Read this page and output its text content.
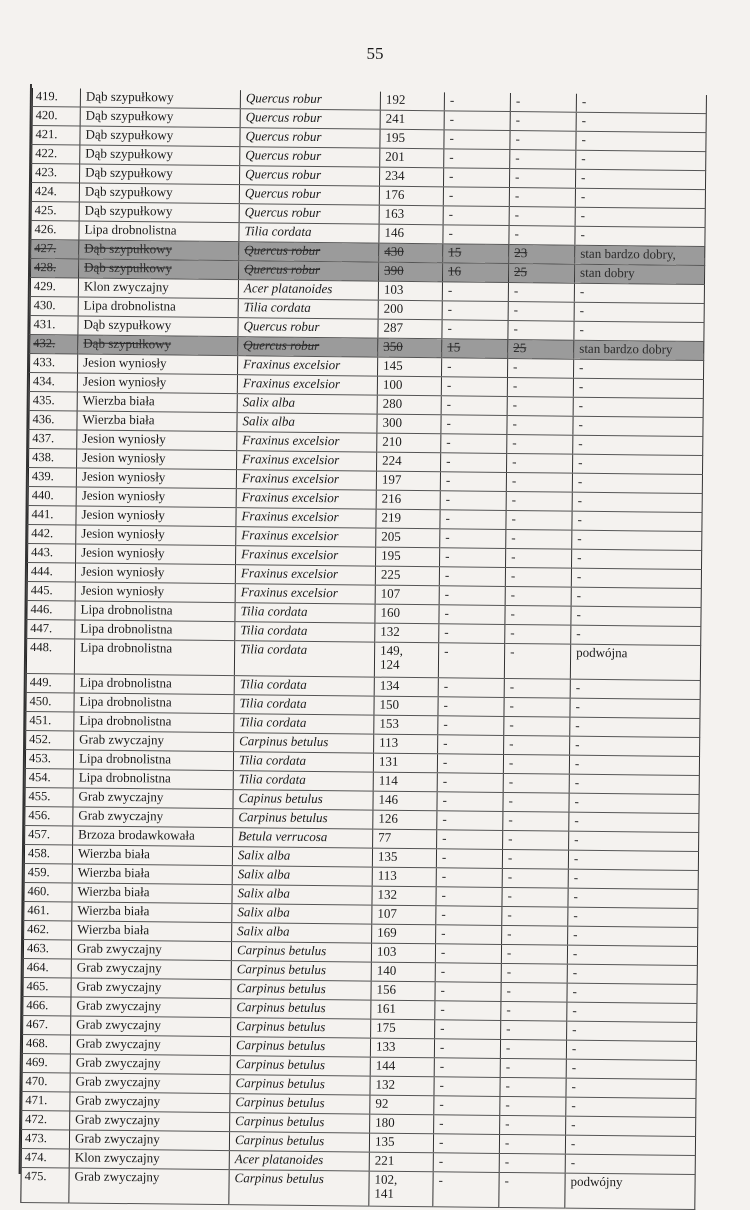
55
419.	Dąb szypułkowy	Quercus robur	192	-	-	-
420.	Dąb szypułkowy	Quercus robur	241	-	-	-
421.	Dąb szypułkowy	Quercus robur	195	-	-	-
422.	Dąb szypułkowy	Quercus robur	201	-	-	-
423.	Dąb szypułkowy	Quercus robur	234	-	-	-
424.	Dąb szypułkowy	Quercus robur	176	-	-	-
425.	Dąb szypułkowy	Quercus robur	163	-	-	-
426.	Lipa drobnolistna	Tilia cordata	146	-	-	-
427.	Dąb szypułkowy	Quercus robur	430	15	23	stan bardzo dobry,
428.	Dąb szypułkowy	Quercus robur	390	16	25	stan dobry
429.	Klon zwyczajny	Acer platanoides	103	-	-	-
430.	Lipa drobnolistna	Tilia cordata	200	-	-	-
431.	Dąb szypułkowy	Quercus robur	287	-	-	-
432.	Dąb szypułkowy	Quercus robur	350	15	25	stan bardzo dobry
433.	Jesion wyniosły	Fraxinus excelsior	145	-	-	-
434.	Jesion wyniosły	Fraxinus excelsior	100	-	-	-
435.	Wierzba biała	Salix alba	280	-	-	-
436.	Wierzba biała	Salix alba	300	-	-	-
437.	Jesion wyniosły	Fraxinus excelsior	210	-	-	-
438.	Jesion wyniosły	Fraxinus excelsior	224	-	-	-
439.	Jesion wyniosły	Fraxinus excelsior	197	-	-	-
440.	Jesion wyniosły	Fraxinus excelsior	216	-	-	-
441.	Jesion wyniosły	Fraxinus excelsior	219	-	-	-
442.	Jesion wyniosły	Fraxinus excelsior	205	-	-	-
443.	Jesion wyniosły	Fraxinus excelsior	195	-	-	-
444.	Jesion wyniosły	Fraxinus excelsior	225	-	-	-
445.	Jesion wyniosły	Fraxinus excelsior	107	-	-	-
446.	Lipa drobnolistna	Tilia cordata	160	-	-	-
447.	Lipa drobnolistna	Tilia cordata	132	-	-	-
448.	Lipa drobnolistna	Tilia cordata	149,
124	-	-	podwójna
449.	Lipa drobnolistna	Tilia cordata	134	-	-	-
450.	Lipa drobnolistna	Tilia cordata	150	-	-	-
451.	Lipa drobnolistna	Tilia cordata	153	-	-	-
452.	Grab zwyczajny	Carpinus betulus	113	-	-	-
453.	Lipa drobnolistna	Tilia cordata	131	-	-	-
454.	Lipa drobnolistna	Tilia cordata	114	-	-	-
455.	Grab zwyczajny	Capinus betulus	146	-	-	-
456.	Grab zwyczajny	Carpinus betulus	126	-	-	-
457.	Brzoza brodawkowała	Betula verrucosa	77	-	-	-
458.	Wierzba biała	Salix alba	135	-	-	-
459.	Wierzba biała	Salix alba	113	-	-	-
460.	Wierzba biała	Salix alba	132	-	-	-
461.	Wierzba biała	Salix alba	107	-	-	-
462.	Wierzba biała	Salix alba	169	-	-	-
463.	Grab zwyczajny	Carpinus betulus	103	-	-	-
464.	Grab zwyczajny	Carpinus betulus	140	-	-	-
465.	Grab zwyczajny	Carpinus betulus	156	-	-	-
466.	Grab zwyczajny	Carpinus betulus	161	-	-	-
467.	Grab zwyczajny	Carpinus betulus	175	-	-	-
468.	Grab zwyczajny	Carpinus betulus	133	-	-	-
469.	Grab zwyczajny	Carpinus betulus	144	-	-	-
470.	Grab zwyczajny	Carpinus betulus	132	-	-	-
471.	Grab zwyczajny	Carpinus betulus	92	-	-	-
472.	Grab zwyczajny	Carpinus betulus	180	-	-	-
473.	Grab zwyczajny	Carpinus betulus	135	-	-	-
474.	Klon zwyczajny	Acer platanoides	221	-	-	-
475.	Grab zwyczajny	Carpinus betulus	102,
141	-	-	podwójny
